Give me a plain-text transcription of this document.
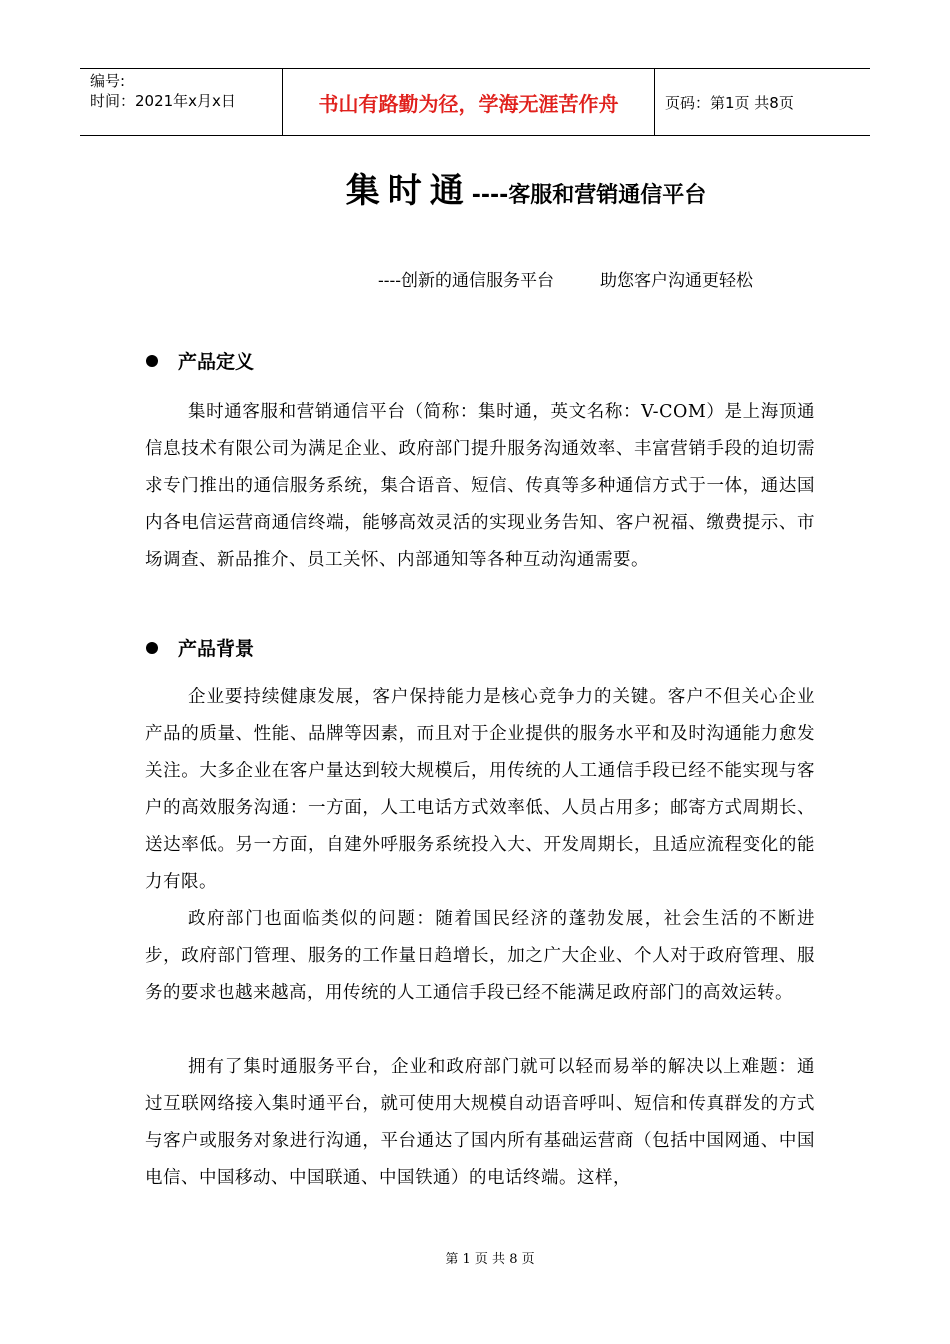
编号:
时间：2021年x月x日	书山有路勤为径，学海无涯苦作舟	页码：第1页 共8页
集时通----客服和营销通信平台
----创新的通信服务平台	助您客户沟通更轻松
产品定义
集时通客服和营销通信平台（简称：集时通，英文名称：V-COM）是上海顶通信息技术有限公司为满足企业、政府部门提升服务沟通效率、丰富营销手段的迫切需求专门推出的通信服务系统，集合语音、短信、传真等多种通信方式于一体，通达国内各电信运营商通信终端，能够高效灵活的实现业务告知、客户祝福、缴费提示、市场调查、新品推介、员工关怀、内部通知等各种互动沟通需要。
产品背景
企业要持续健康发展，客户保持能力是核心竞争力的关键。客户不但关心企业产品的质量、性能、品牌等因素，而且对于企业提供的服务水平和及时沟通能力愈发关注。大多企业在客户量达到较大规模后，用传统的人工通信手段已经不能实现与客户的高效服务沟通：一方面，人工电话方式效率低、人员占用多；邮寄方式周期长、送达率低。另一方面，自建外呼服务系统投入大、开发周期长，且适应流程变化的能力有限。
政府部门也面临类似的问题：随着国民经济的蓬勃发展，社会生活的不断进步，政府部门管理、服务的工作量日趋增长，加之广大企业、个人对于政府管理、服务的要求也越来越高，用传统的人工通信手段已经不能满足政府部门的高效运转。
拥有了集时通服务平台，企业和政府部门就可以轻而易举的解决以上难题：通过互联网络接入集时通平台，就可使用大规模自动语音呼叫、短信和传真群发的方式与客户或服务对象进行沟通，平台通达了国内所有基础运营商（包括中国网通、中国电信、中国移动、中国联通、中国铁通）的电话终端。这样，
第 1 页 共 8 页
